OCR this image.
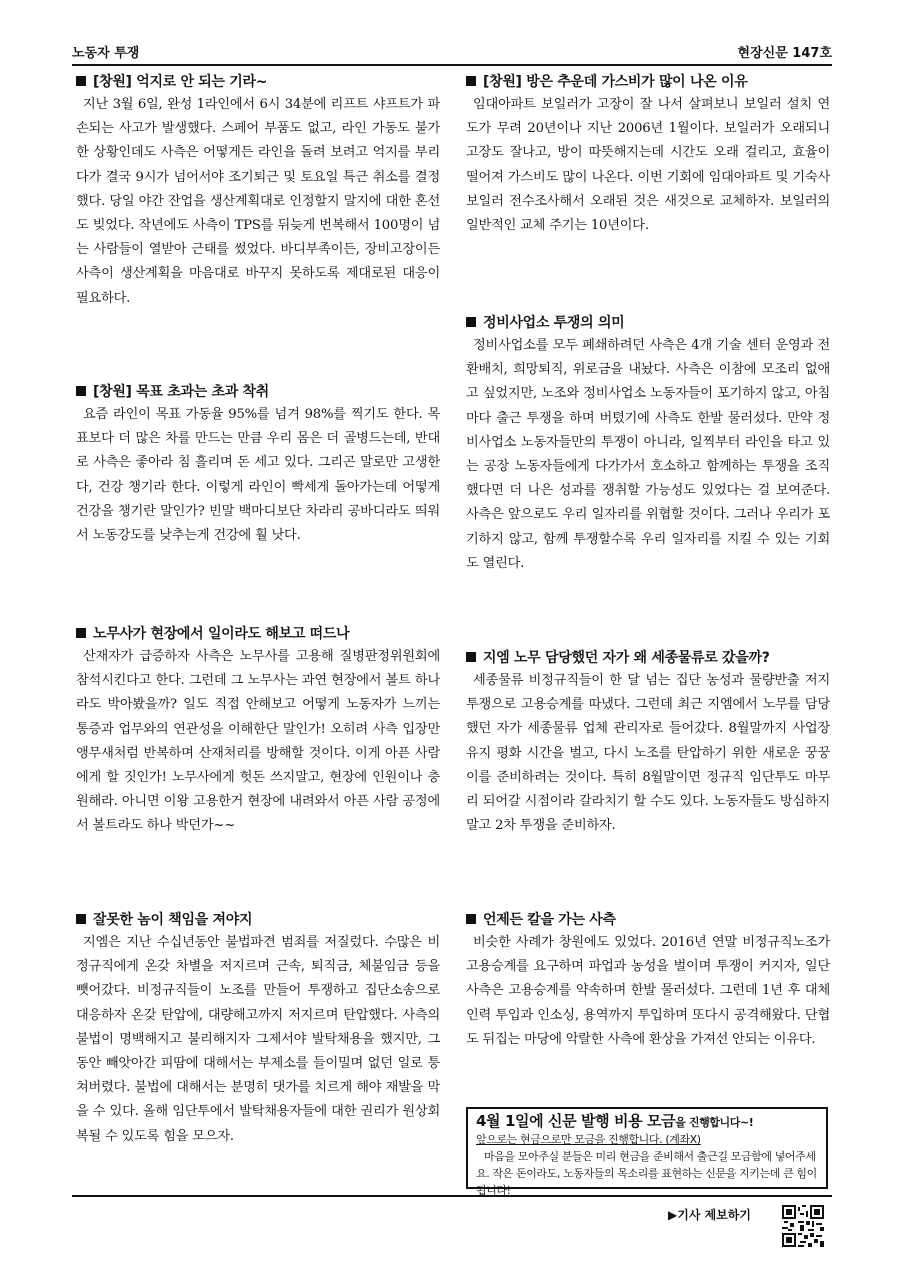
노동자 투쟁	현장신문 147호
[창원] 억지로 안 되는 기라~
지난 3월 6일, 완성 1라인에서 6시 34분에 리프트 샤프트가 파손되는 사고가 발생했다. 스페어 부품도 없고, 라인 가동도 불가한 상황인데도 사측은 어떻게든 라인을 돌려 보려고 억지를 부리다가 결국 9시가 넘어서야 조기퇴근 및 토요일 특근 취소를 결정했다. 당일 야간 잔업을 생산계획대로 인정할지 말지에 대한 혼선도 빚었다. 작년에도 사측이 TPS를 뒤늦게 번복해서 100명이 넘는 사람들이 열받아 근태를 썼었다. 바디부족이든, 장비고장이든 사측이 생산계획을 마음대로 바꾸지 못하도록 제대로된 대응이 필요하다.
[창원] 목표 초과는 초과 착취
요즘 라인이 목표 가동율 95%를 넘겨 98%를 찍기도 한다. 목표보다 더 많은 차를 만드는 만큼 우리 몸은 더 골병드는데, 반대로 사측은 좋아라 침 흘리며 돈 세고 있다. 그리곤 말로만 고생한다, 건강 챙기라 한다. 이렇게 라인이 빡세게 돌아가는데 어떻게 건강을 챙기란 말인가? 빈말 백마디보단 차라리 공바디라도 띄워서 노동강도를 낮추는게 건강에 훨 낫다.
노무사가 현장에서 일이라도 해보고 떠드나
산재자가 급증하자 사측은 노무사를 고용해 질병판정위원회에 참석시킨다고 한다. 그런데 그 노무사는 과연 현장에서 볼트 하나라도 박아봤을까? 일도 직접 안해보고 어떻게 노동자가 느끼는 통증과 업무와의 연관성을 이해한단 말인가! 오히려 사측 입장만 앵무새처럼 반복하며 산재처리를 방해할 것이다. 이게 아픈 사람에게 할 짓인가! 노무사에게 헛돈 쓰지말고, 현장에 인원이나 충원해라. 아니면 이왕 고용한거 현장에 내려와서 아픈 사람 공정에서 볼트라도 하나 박던가~~
잘못한 놈이 책임을 져야지
지엠은 지난 수십년동안 불법파견 범죄를 저질렀다. 수많은 비정규직에게 온갖 차별을 저지르며 근속, 퇴직금, 체불임금 등을 뺏어갔다. 비정규직들이 노조를 만들어 투쟁하고 집단소송으로 대응하자 온갖 탄압에, 대량해고까지 저지르며 탄압했다. 사측의 불법이 명백해지고 불리해지자 그제서야 발탁채용을 했지만, 그동안 빼앗아간 피땀에 대해서는 부제소를 들이밀며 없던 일로 퉁쳐버렸다. 불법에 대해서는 분명히 댓가를 치르게 해야 재발을 막을 수 있다. 올해 임단투에서 발탁채용자들에 대한 권리가 원상회복될 수 있도록 힘을 모으자.
[창원] 방은 추운데 가스비가 많이 나온 이유
임대아파트 보일러가 고장이 잘 나서 살펴보니 보일러 설치 연도가 무려 20년이나 지난 2006년 1월이다. 보일러가 오래되니 고장도 잘나고, 방이 따뜻해지는데 시간도 오래 걸리고, 효율이 떨어져 가스비도 많이 나온다. 이번 기회에 임대아파트 및 기숙사 보일러 전수조사해서 오래된 것은 새것으로 교체하자. 보일러의 일반적인 교체 주기는 10년이다.
정비사업소 투쟁의 의미
정비사업소를 모두 폐쇄하려던 사측은 4개 기술 센터 운영과 전환배치, 희망퇴직, 위로금을 내놨다. 사측은 이참에 모조리 없애고 싶었지만, 노조와 정비사업소 노동자들이 포기하지 않고, 아침마다 출근 투쟁을 하며 버텼기에 사측도 한발 물러섰다. 만약 정비사업소 노동자들만의 투쟁이 아니라, 일찍부터 라인을 타고 있는 공장 노동자들에게 다가가서 호소하고 함께하는 투쟁을 조직했다면 더 나은 성과를 쟁취할 가능성도 있었다는 걸 보여준다. 사측은 앞으로도 우리 일자리를 위협할 것이다. 그러나 우리가 포기하지 않고, 함께 투쟁할수록 우리 일자리를 지킬 수 있는 기회도 열린다.
지엠 노무 담당했던 자가 왜 세종물류로 갔을까?
세종물류 비정규직들이 한 달 넘는 집단 농성과 물량반출 저지 투쟁으로 고용승계를 따냈다. 그런데 최근 지엠에서 노무를 담당했던 자가 세종물류 업체 관리자로 들어갔다. 8월말까지 사업장 유지 평화 시간을 벌고, 다시 노조를 탄압하기 위한 새로운 꿍꿍이를 준비하려는 것이다. 특히 8월말이면 정규직 임단투도 마무리 되어갈 시점이라 갈라치기 할 수도 있다. 노동자들도 방심하지 말고 2차 투쟁을 준비하자.
언제든 칼을 가는 사측
비슷한 사례가 창원에도 있었다. 2016년 연말 비정규직노조가 고용승계를 요구하며 파업과 농성을 벌이며 투쟁이 커지자, 일단 사측은 고용승계를 약속하며 한발 물러섰다. 그런데 1년 후 대체인력 투입과 인소싱, 용역까지 투입하며 또다시 공격해왔다. 단협도 뒤집는 마당에 악랄한 사측에 환상을 가져선 안되는 이유다.
4월 1일에 신문 발행 비용 모금을 진행합니다~!
앞으로는 현금으로만 모금을 진행합니다. (계좌X)
마음을 모아주실 분들은 미리 현금을 준비해서 출근길 모금함에 넣어주세요. 작은 돈이라도, 노동자들의 목소리를 표현하는 신문을 지키는데 큰 힘이 됩니다!
▶기사 제보하기
